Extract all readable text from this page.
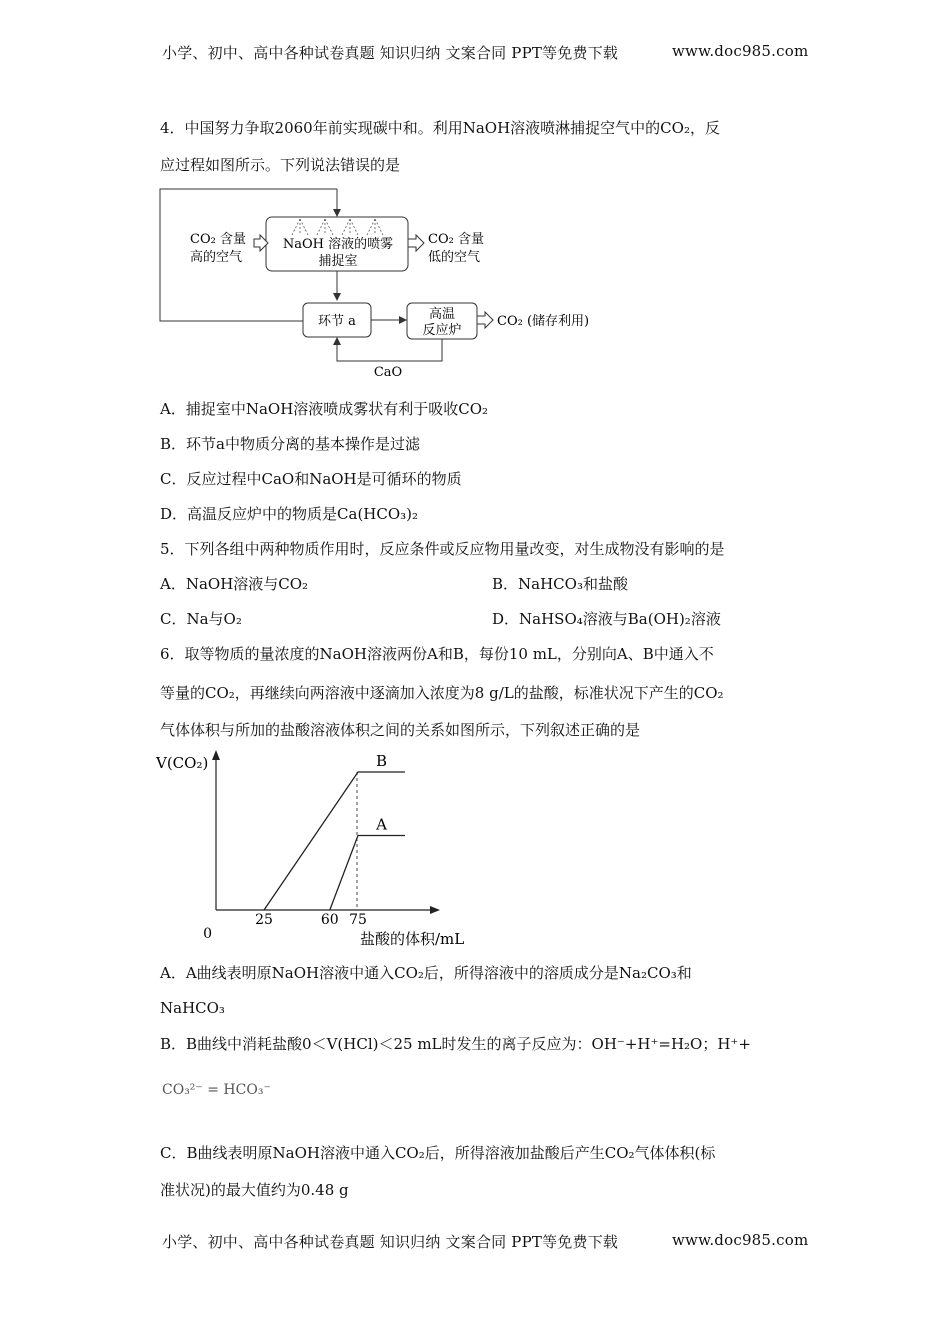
小学、初中、高中各种试卷真题 知识归纳 文案合同 PPT等免费下载	www.doc985.com
4．中国努力争取2060年前实现碳中和。利用NaOH溶液喷淋捕捉空气中的CO₂，反
应过程如图所示。下列说法错误的是
NaOH 溶液的喷雾
捕捉室
CO₂ 含量
高的空气
CO₂ 含量
低的空气
环节 a	高温
反应炉
CO₂ (储存利用)
CaO
A．捕捉室中NaOH溶液喷成雾状有利于吸收CO₂
B．环节a中物质分离的基本操作是过滤
C．反应过程中CaO和NaOH是可循环的物质
D．高温反应炉中的物质是Ca(HCO₃)₂
5．下列各组中两种物质作用时，反应条件或反应物用量改变，对生成物没有影响的是
A．NaOH溶液与CO₂	B．NaHCO₃和盐酸
C．Na与O₂	D．NaHSO₄溶液与Ba(OH)₂溶液
6．取等物质的量浓度的NaOH溶液两份A和B，每份10 mL，分别向A、B中通入不
等量的CO₂，再继续向两溶液中逐滴加入浓度为8 g/L的盐酸，标准状况下产生的CO₂
气体体积与所加的盐酸溶液体积之间的关系如图所示，下列叙述正确的是
V(CO₂)
0	盐酸的体积/mL
25	60 75
B
A
A．A曲线表明原NaOH溶液中通入CO₂后，所得溶液中的溶质成分是Na₂CO₃和
NaHCO₃
B．B曲线中消耗盐酸0＜V(HCl)＜25 mL时发生的离子反应为：OH⁻+H⁺=H₂O；H⁺+
CO₃²⁻ = HCO₃⁻
C．B曲线表明原NaOH溶液中通入CO₂后，所得溶液加盐酸后产生CO₂气体体积(标
准状况)的最大值约为0.48 g
小学、初中、高中各种试卷真题 知识归纳 文案合同 PPT等免费下载	www.doc985.com
